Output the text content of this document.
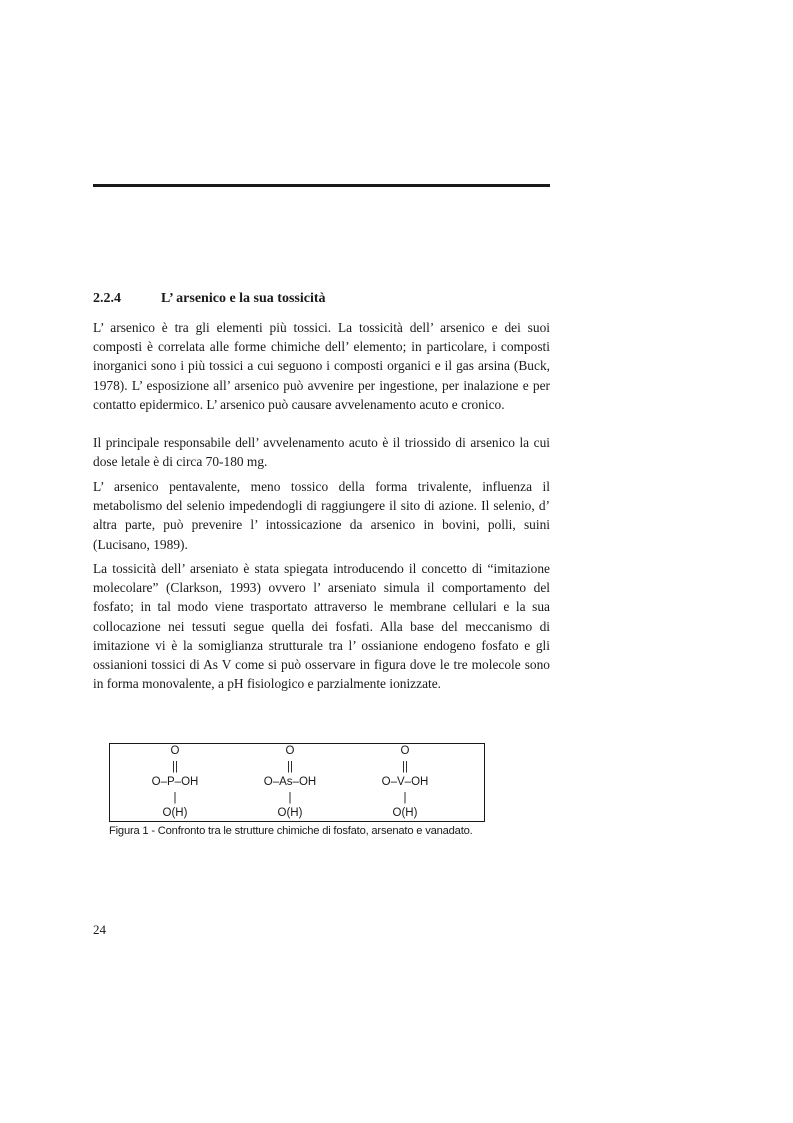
2.2.4	L’ arsenico e la sua tossicità

L’ arsenico è tra gli elementi più tossici. La tossicità dell’ arsenico e dei suoi composti è correlata alle forme chimiche dell’ elemento; in particolare, i composti inorganici sono i più tossici a cui seguono i composti organici e il gas arsina (Buck, 1978). L’ esposizione all’ arsenico può avvenire per ingestione, per inalazione e per contatto epidermico. L’ arsenico può causare avvelenamento acuto e cronico.

Il principale responsabile dell’ avvelenamento acuto è il triossido di arsenico la cui dose letale è di circa 70-180 mg.

L’ arsenico pentavalente, meno tossico della forma trivalente, influenza il metabolismo del selenio impedendogli di raggiungere il sito di azione. Il selenio, d’ altra parte, può prevenire l’ intossicazione da arsenico in bovini, polli, suini (Lucisano, 1989).

La tossicità dell’ arseniato è stata spiegata introducendo il concetto di “imitazione molecolare” (Clarkson, 1993) ovvero l’ arseniato simula il comportamento del fosfato; in tal modo viene trasportato attraverso le membrane cellulari e la sua collocazione nei tessuti segue quella dei fosfati. Alla base del meccanismo di imitazione vi è la somiglianza strutturale tra l’ ossianione endogeno fosfato e gli ossianioni tossici di As V come si può osservare in figura dove le tre molecole sono in forma monovalente, a pH fisiologico e parzialmente ionizzate.

O
||
O–P–OH
|
O(H)
O
||
O–As–OH
|
O(H)
O
||
O–V–OH
|
O(H)
Figura 1 - Confronto tra le strutture chimiche di fosfato, arsenato e vanadato.
24
